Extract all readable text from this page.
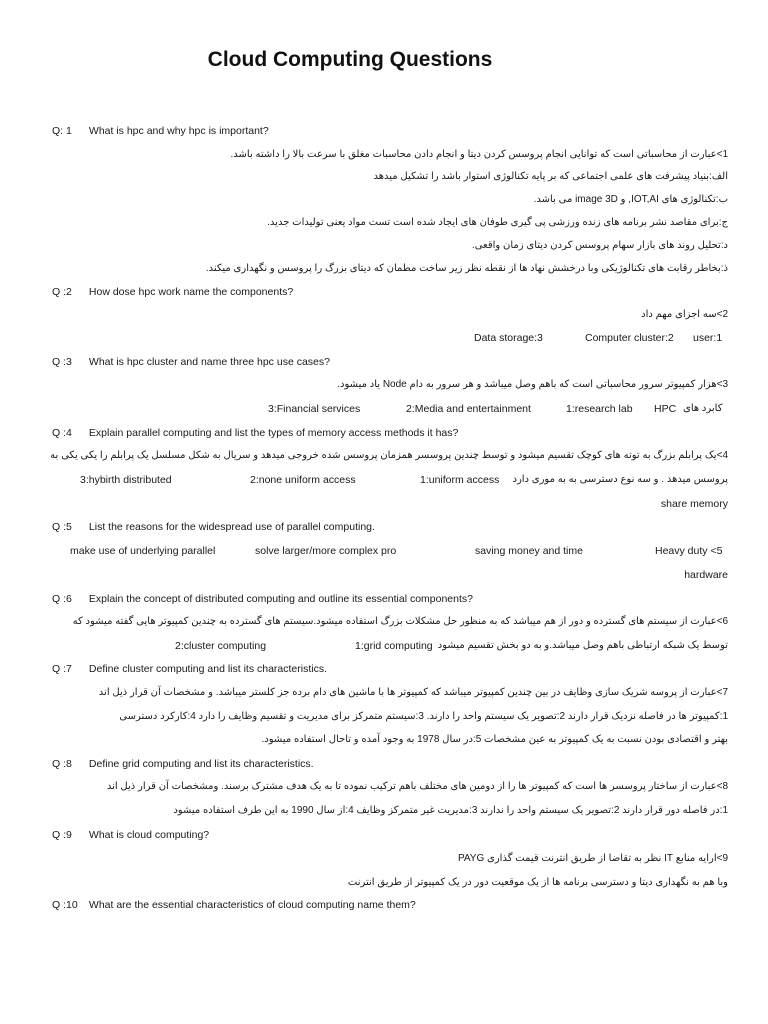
Cloud Computing Questions
Q: 1 What is hpc and why hpc is important?
1>عبارت از محاسباتی است که توانایی انجام پروسس کردن دیتا و انجام دادن محاسبات مغلق با سرعت بالا را داشته باشد.
الف:بنیاد پیشرفت های علمی اجتماعی که بر پایه تکنالوژی استوار باشد را تشکیل میدهد
ب:تکنالوژی های IOT,AI, و image 3D می باشد.
ج:برای مقاصد نشر برنامه های زنده ورزشی پی گیری طوفان های ایجاد شده است تست مواد یعنی تولیدات جدید.
د:تحلیل روند های بازار سهام پروسس کردن دیتای زمان واقعی.
ذ:بخاطر رقابت های تکنالوژیکی وبا درخشش نهاد ها از نقطه نظر زیر ساخت مطمان که دیتای بزرگ را پروسس و نگهداری میکند.
Q :2 How dose hpc work name the components?
2>سه اجزای مهم داد
Data storage:3	Computer cluster:2 user:1
Q :3 What is hpc cluster and name three hpc use cases?
3>هزار کمپیوتر سرور محاسباتی است که باهم وصل میباشد و هر سرور به دام Node یاد میشود.
3:Financial services	2:Media and entertainment	1:research lab HPC کابرد های
Q :4 Explain parallel computing and list the types of memory access methods it has?
4>یک پرابلم بزرگ به توته های کوچک تقسیم میشود و توسط چندین پروسسر همزمان پروسس شده خروجی میدهد و سریال به شکل مسلسل یک پرابلم را یکی یکی به
پروسس میدهد . و سه نوع دسترسی به به موری دارد
3:hybirth distributed	2:none uniform access	1:uniform access
share memory
Q :5 List the reasons for the widespread use of parallel computing.
make use of underlying parallel	solve larger/more complex pro	saving money and time	Heavy duty <5
hardware
Q :6 Explain the concept of distributed computing and outline its essential components?
6>عبارت از سیستم های گسترده و دور از هم میباشد که به منظور حل مشکلات بزرگ استفاده میشود.سیستم های گسترده به چندین کمپیوتر هایی گفته میشود که
توسط یک شبکه ارتباطی باهم وصل میباشد.و به دو بخش تقسیم میشود
2:cluster computing	1:grid computing
Q :7 Define cluster computing and list its characteristics.
7>عبارت از پروسه شریک سازی وظایف در بین چندین کمپیوتر میباشد که کمپیوتر ها با ماشین های دام برده جز کلستر میباشد. و مشخصات آن قرار ذیل اند
1:کمپیوتر ها در فاصله نزدیک قرار دارند 2:تصویر یک سیستم واحد را دارند. 3:سیستم متمرکز برای مدیریت و تقسیم وظایف را دارد 4:کارکرد دسترسی
بهتر و اقتصادی بودن نسبت به یک کمپیوتر به عین مشخصات 5:در سال 1978 به وجود آمده و تاحال استفاده میشود.
Q :8 Define grid computing and list its characteristics.
8>عبارت از ساختار پروسسر ها است که کمپیوتر ها را از دومین های مختلف باهم ترکیب نموده تا به یک هدف مشترک برسند. ومشخصات آن قرار ذیل اند
1:در فاصله دور قرار دارند 2:تصویر یک سیستم واحد را ندارند 3:مدیریت غیر متمرکز وظایف 4:از سال 1990 به این طرف استفاده میشود
Q :9 What is cloud computing?
9>ارایه منابع IT نظر به تقاضا از طریق انترنت قیمت گذاری PAYG
وبا هم به نگهداری دیتا و دسترسی برنامه ها از یک موقعیت دور در یک کمپیوتر از طریق انترنت
Q :10 What are the essential characteristics of cloud computing name them?
